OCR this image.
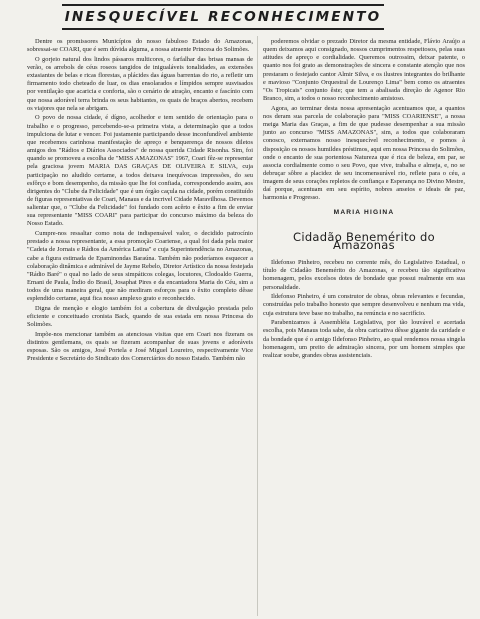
INESQUECÍVEL RECONHECIMENTO

Dentre os promissores Municípios do nosso fabuloso Estado do Amazonas, sobressai-se COARI, que é sem dúvida alguma, a nossa atraente Princesa do Solimões.

O gorjeio natural dos lindos pássaros multicores, o farfalhar das brisas mansas de verão, os arrebols de céus roseos tangidos de inigualáveis tonalidades, as extensões extasiantes de belas e ricas florestas, a plácides das águas barrentas do rio, a refletir um firmamento todo cheteado de luar, os dias ensolarados e límpidos sempre susvisados por ventilação que acaricia e conforta, são o cenário de atração, encanto e fascínio com que nossa adorável terra brinda os seus habitantes, os quais de braços abertos, recebem os viajores que nela se abrigam.

O povo de nossa cidade, é dígno, acolhedor e tem sentido de orientação para o trabalho e o progresso, percebendo-se-a primeira vista, a determinação que a todos impulciona de lutar e vencer. Foi justamente participando desse inconfundível ambiente que recebemos carinhosa manifestação de apreço e benquerença de nossos diletos amigos dos "Rádios e Diários Associados" de nossa querida Cidade Risonha. Sim, foi quando se promoveu a escolha de "MISS AMAZONAS" 1967, Coari fêz-se representar pela graciosa jovem MARIA DAS GRAÇAS DE OLIVEIRA E SILVA, cuja participação no aludido certame, a todos deixava inequívocas impressões, do seu esfôrço e bom desempenho, da missão que lhe foi confiada, correspondendo assim, aos dirigentes do "Clube da Felicidade" que é um órgão caçula na cidade, porém constituído de figuras representativas de Coari, Manaus e da incrivel Cidade Maravilhosa. Devemos salientar que, o "Clube da Felicidade" foi fundado com acêrto e êxito a fim de enviar sua representante "MISS COARI" para participar do concurso máximo da beleza do Nosso Estado.

Cumpre-nos ressaltar como nota de indispensável valor, o decidido patrocínio prestado a nossa representante, a essa promoção Coariense, a qual foi dada pela maior "Cadeia de Jornais e Rádios da América Latina" e cuja Superintendência no Amazonas, cabe a figura estimada de Epaminondas Baraúna. Também não poderíamos esquecer a colaboração dinâmica e admirável de Jayme Rebelo, Diretor Artístico da nossa festejada "Rádio Baré" o qual no lado de seus simpáticos colegas, locutores, Clodoaldo Guerra, Ernani de Paula, Índio do Brasil, Josaphat Pires e da encantadora Maria do Céu, sim a todos de uma maneira geral, que não mediram esforços para o êxito completo dêsse esplendido certame, aqui fica nosso amplexo grato e reconhecido.

Digna de menção e elogio também foi a cobertura de divulgação prestada pelo eficiente e conceituado cronista Back, quando de sua estada em nossa Princesa do Solimões.

Impõe-nos mencionar também as atenciosas visitas que em Coari nos fizeram os distintos gentlemans, os quais se fizeram acompanhar de suas jovens e adoráveis esposas. São os amigos, José Portela e José Miguel Loureiro, respectivamente Vice Presidente e Secretário do Sindicato dos Comerciários do nosso Estado. Também não

poderemos olvidar o prezado Diretor da mesma entidade, Flávio Araújo a quem deixamos aqui consignado, nossos cumprimentos respeitosos, pelas suas atitudes de apreço e cordialidade. Queremos outrossim, deixar patente, o quanto nos foi grato as demonstrações de sincera e constante atenção que nos prestaram o festejado cantor Almir Silva, e os ilustres integrantes do brilhante e mavioso "Conjunto Orquestral de Lourenço Lima" bem como os atraentes "Os Tropicais" conjunto êste; que tem a abalisada direção de Agenor Rio Branco, sim, a todos o nosso reconhecimento amistoso.

Agora, ao terminar desta nossa apresentação acentuamos que, a quantos nos deram sua parcela de colaboração para "MISS COARIENSE", a nossa meiga Maria das Graças, a fim de que pudesse desempenhar a sua missão junto ao concurso "MISS AMAZONAS", sim, a todos que colaboraram conosco, externamos nosso inesquecível reconhecimento, e pomos à disposição os nossos humildes préstimos, aqui em nossa Princesa do Solimões, onde o encanto de sua portentosa Natureza que é rica de beleza, em par, se associa cordialmente como o seu Povo, que vive, trabalha e almeja, e, no se debruçar sôbre a placidez de seu incomensurável rio, reflete para o céu, a imagem de seus corações repletos de confiança e Esperança no Divino Mestre, daí porque, acentuam em seu espírito, nobres anseios e ideais de paz, harmonia e Progresso.

MARIA HIGINA

Cidadão Benemérito do Amazonas

Ildefonso Pinheiro, recebeu no corrente mês, do Legislativo Estadual, o título de Cidadão Benemérito do Amazonas, e recebeu tão significativa homenagem, pelos excelsos dotes de bondade que possui realmente em sua personalidade.

Ildefonso Pinheiro, é um construtor de obras, obras relevantes e fecundas, construídas pelo trabalho honesto que sempre desenvolveu e nenhum ma vida, cuja estrutura teve base no trabalho, na renúncia e no sacrifício.

Parabenizamos à Assembléia Legislativa, por tão louvável e acertada escolha, pois Manaus toda sabe, da obra caricativa dêsse gigante da caridade e da bondade que é o amigo Ildefonso Pinheiro, ao qual rendemos nossa singela homenagem, um preito de admiração sincera, por um homem simples que realizar soube, grandes obras assistenciais.
